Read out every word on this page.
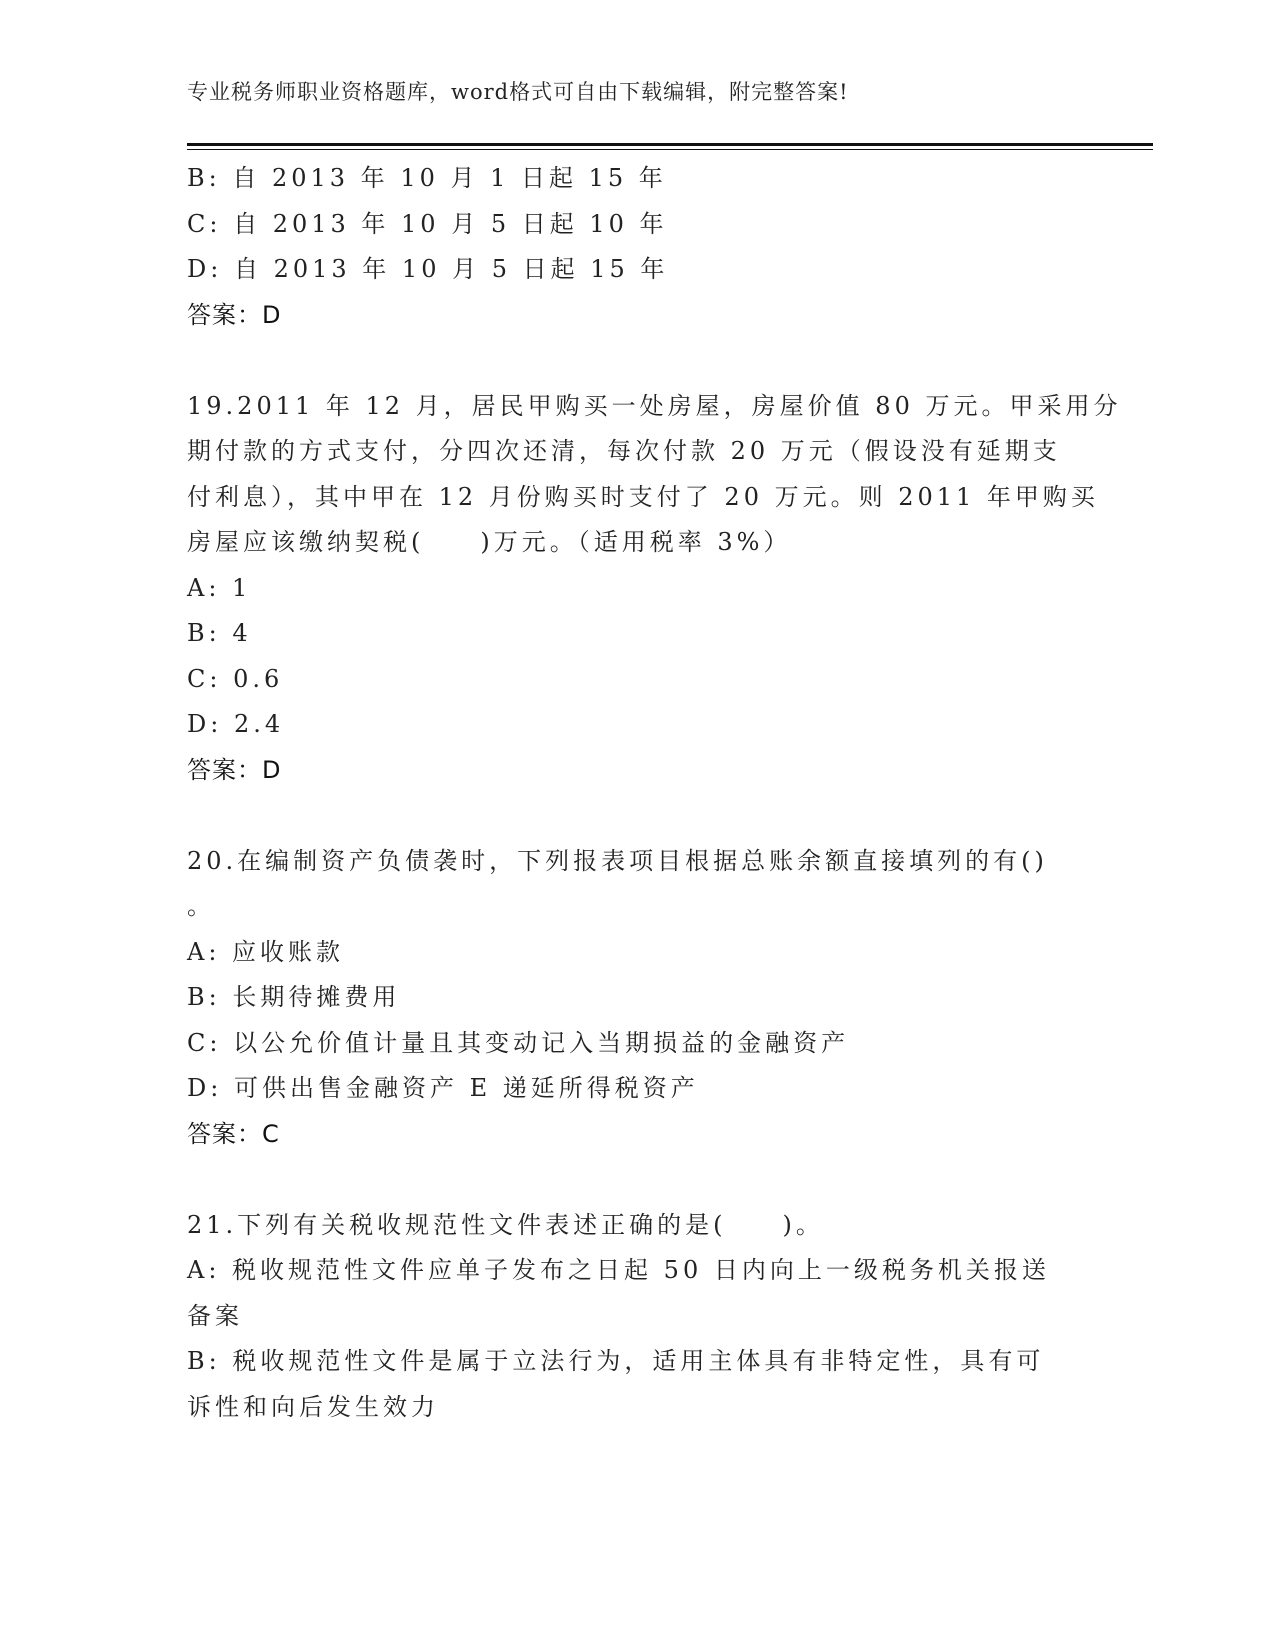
专业税务师职业资格题库，word格式可自由下载编辑，附完整答案!
B: 自 2013 年 10 月 1 日起 15 年
C: 自 2013 年 10 月 5 日起 10 年
D: 自 2013 年 10 月 5 日起 15 年
答案：D
19.2011 年 12 月，居民甲购买一处房屋，房屋价值 80 万元。甲采用分
期付款的方式支付，分四次还清，每次付款 20 万元（假设没有延期支
付利息），其中甲在 12 月份购买时支付了 20 万元。则 2011 年甲购买
房屋应该缴纳契税(　　)万元。（适用税率 3%）
A: 1
B: 4
C: 0.6
D: 2.4
答案：D
20.在编制资产负债袭时，下列报表项目根据总账余额直接填列的有()
。
A: 应收账款
B: 长期待摊费用
C: 以公允价值计量且其变动记入当期损益的金融资产
D: 可供出售金融资产 E 递延所得税资产
答案：C
21.下列有关税收规范性文件表述正确的是(　　)。
A: 税收规范性文件应单子发布之日起 50 日内向上一级税务机关报送
备案
B: 税收规范性文件是属于立法行为，适用主体具有非特定性，具有可
诉性和向后发生效力
